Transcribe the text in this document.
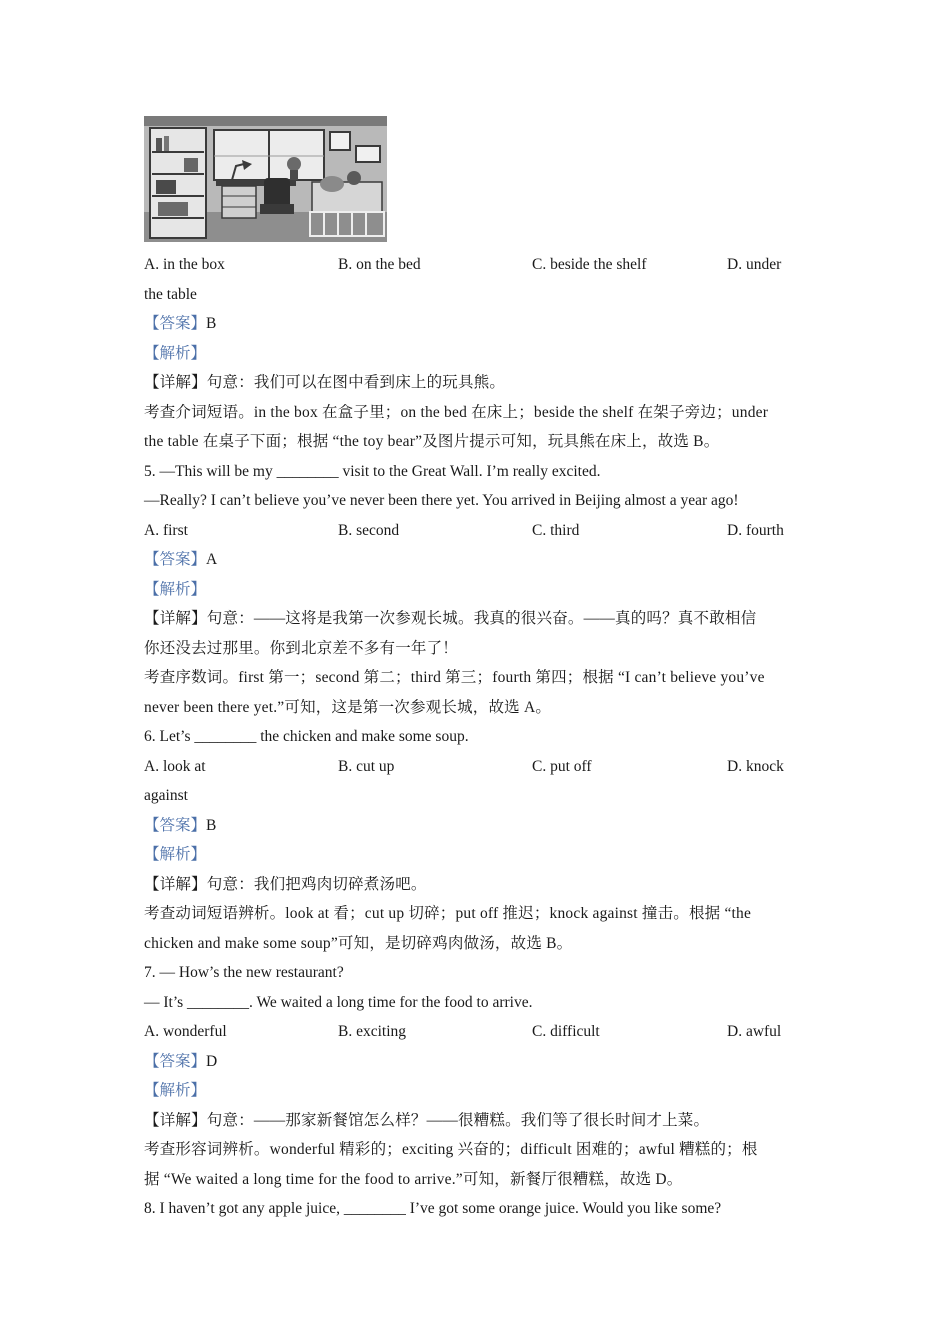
A. in the box	B. on the bed	C. beside the shelf	D. under
the table
【答案】B
【解析】
【详解】句意：我们可以在图中看到床上的玩具熊。
考查介词短语。in the box 在盒子里；on the bed 在床上；beside the shelf 在架子旁边；under
the table 在桌子下面；根据 “the toy bear”及图片提示可知，玩具熊在床上，故选 B。
5. —This will be my ________ visit to the Great Wall. I’m really excited.
—Really? I can’t believe you’ve never been there yet. You arrived in Beijing almost a year ago!
A. first	B. second	C. third	D. fourth
【答案】A
【解析】
【详解】句意：——这将是我第一次参观长城。我真的很兴奋。——真的吗？真不敢相信
你还没去过那里。你到北京差不多有一年了！
考查序数词。first 第一；second 第二；third 第三；fourth 第四；根据 “I can’t believe you’ve
never been there yet.”可知，这是第一次参观长城，故选 A。
6. Let’s ________ the chicken and make some soup.
A. look at	B. cut up	C. put off	D. knock
against
【答案】B
【解析】
【详解】句意：我们把鸡肉切碎煮汤吧。
考查动词短语辨析。look at 看；cut up 切碎；put off 推迟；knock against 撞击。根据 “the
chicken and make some soup”可知，是切碎鸡肉做汤，故选 B。
7. — How’s the new restaurant?
— It’s ________. We waited a long time for the food to arrive.
A. wonderful	B. exciting	C. difficult	D. awful
【答案】D
【解析】
【详解】句意：——那家新餐馆怎么样？——很糟糕。我们等了很长时间才上菜。
考查形容词辨析。wonderful 精彩的；exciting 兴奋的；difficult 困难的；awful 糟糕的；根
据 “We waited a long time for the food to arrive.”可知，新餐厅很糟糕，故选 D。
8. I haven’t got any apple juice, ________ I’ve got some orange juice. Would you like some?
